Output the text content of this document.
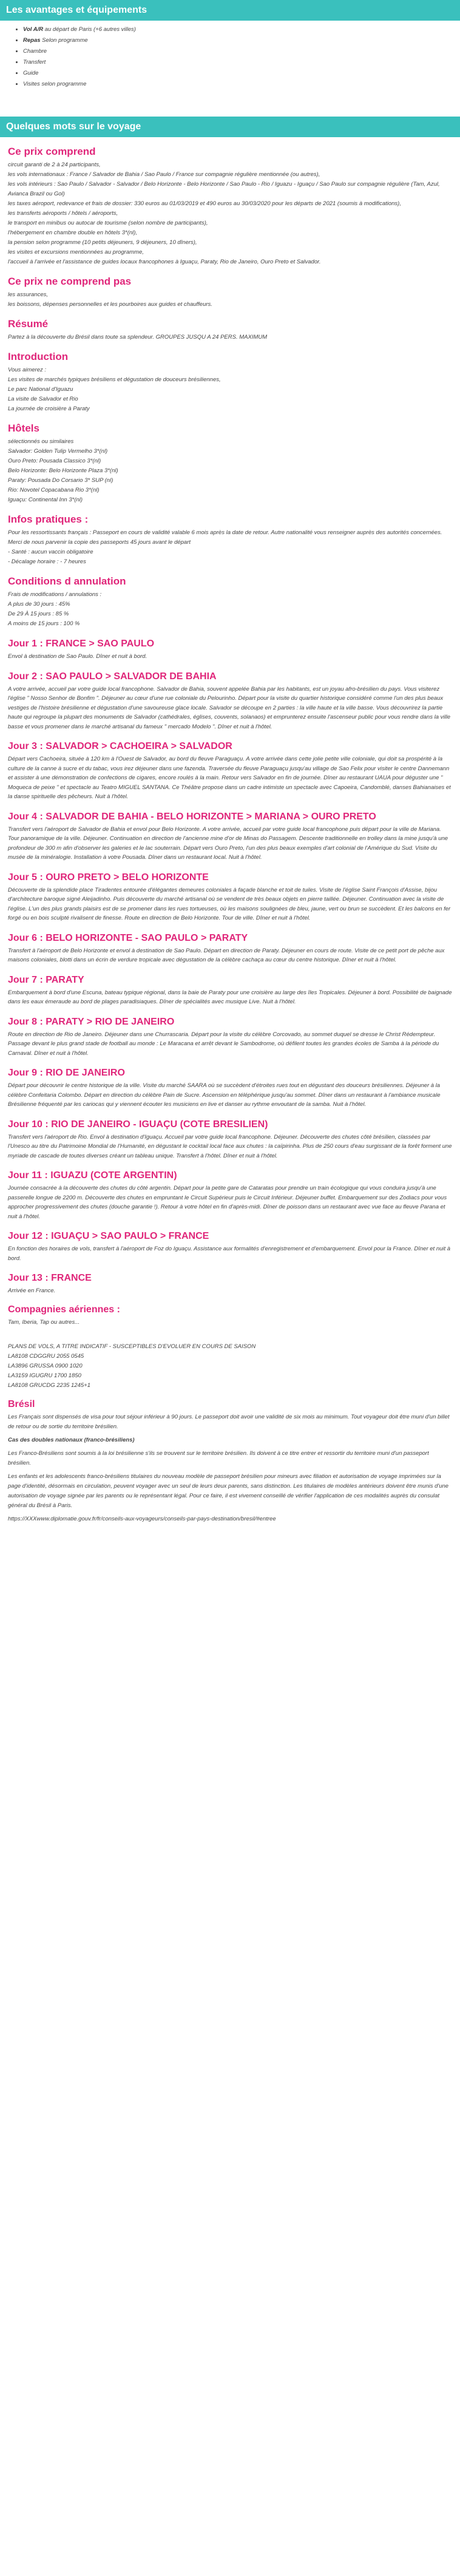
Les avantages et équipements
• Vol A/R au départ de Paris (+6 autres villes)
• Repas Selon programme
• Chambre
• Transfert
• Guide
• Visites selon programme
Quelques mots sur le voyage
Ce prix comprend

circuit garanti de 2 à 24 participants,

les vols internationaux : France / Salvador de Bahia / Sao Paulo / France sur compagnie régulière mentionnée (ou autres),

les vols intérieurs : Sao Paulo / Salvador - Salvador / Belo Horizonte - Belo Horizonte / Sao Paulo - Rio / Iguazu - Iguaçu / Sao Paulo sur compagnie régulière (Tam, Azul, Avianca Brazil ou Gol)

les taxes aéroport, redevance et frais de dossier: 330 euros au 01/03/2019 et 490 euros au 30/03/2020 pour les départs de 2021 (soumis à modifications),

les transferts aéroports / hôtels / aéroports,

le transport en minibus ou autocar de tourisme (selon nombre de participants),

l'hébergement en chambre double en hôtels 3*(nl),

la pension selon programme (10 petits déjeuners, 9 déjeuners, 10 dîners),

les visites et excursions mentionnées au programme,

l'accueil à l'arrivée et l'assistance de guides locaux francophones à Iguaçu, Paraty, Rio de Janeiro, Ouro Preto et Salvador.

Ce prix ne comprend pas

les assurances,

les boissons, dépenses personnelles et les pourboires aux guides et chauffeurs.

Résumé

Partez à la découverte du Brésil dans toute sa splendeur. GROUPES JUSQU A 24 PERS. MAXIMUM

Introduction

Vous aimerez :

Les visites de marchés typiques brésiliens et dégustation de douceurs brésiliennes,

Le parc National d'Iguazu

La visite de Salvador et Rio

La journée de croisière à Paraty

Hôtels

sélectionnés ou similaires

Salvador: Golden Tulip Vermelho 3*(nl)

Ouro Preto: Pousada Classico 3*(nl)

Belo Horizonte: Belo Horizonte Plaza 3*(nl)

Paraty: Pousada Do Corsario 3* SUP (nl)

Rio: Novotel Copacabana Rio 3*(nl)

Iguaçu: Continental Inn 3*(nl)

Infos pratiques :

Pour les ressortissants français : Passeport en cours de validité valable 6 mois après la date de retour. Autre nationalité vous renseigner auprès des autorités concernées. Merci de nous parvenir la copie des passeports 45 jours avant le départ

- Santé : aucun vaccin obligatoire

- Décalage horaire : - 7 heures

Conditions d annulation

Frais de modifications / annulations :

A plus de 30 jours : 45%

De 29 À 15 jours : 85 %

A moins de 15 jours : 100 %

Jour 1 : FRANCE > SAO PAULO

Envol à destination de Sao Paulo. Dîner et nuit à bord.

Jour 2 : SAO PAULO > SALVADOR DE BAHIA

A votre arrivée, accueil par votre guide local francophone. Salvador de Bahia, souvent appelée Bahia par les habitants, est un joyau afro-brésilien du pays. Vous visiterez l'église " Nosso Senhor de Bonfim ". Déjeuner au cœur d'une rue coloniale du Pelourinho. Départ pour la visite du quartier historique considéré comme l'un des plus beaux vestiges de l'histoire brésilienne et dégustation d'une savoureuse glace locale. Salvador se découpe en 2 parties : la ville haute et la ville basse. Vous découvrirez la partie haute qui regroupe la plupart des monuments de Salvador (cathédrales, églises, couvents, solanaos) et emprunterez ensuite l'ascenseur public pour vous rendre dans la ville basse et vous promener dans le marché artisanal du fameux " mercado Modelo ". Dîner et nuit à l'hôtel.

Jour 3 : SALVADOR > CACHOEIRA > SALVADOR

Départ vers Cachoeira, située à 120 km à l'Ouest de Salvador, au bord du fleuve Paraguaçu. A votre arrivée dans cette jolie petite ville coloniale, qui doit sa prospérité à la culture de la canne à sucre et du tabac, vous irez déjeuner dans une fazenda. Traversée du fleuve Paraguaçu jusqu'au village de Sao Felix pour visiter le centre Dannemann et assister à une démonstration de confections de cigares, encore roulés à la main. Retour vers Salvador en fin de journée. Dîner au restaurant UAUA pour déguster une " Moqueca de peixe " et spectacle au Teatro MIGUEL SANTANA. Ce Théâtre propose dans un cadre intimiste un spectacle avec Capoeira, Candomblé, danses Bahianaises et la danse spirituelle des pêcheurs. Nuit à l'hôtel.

Jour 4 : SALVADOR DE BAHIA - BELO HORIZONTE > MARIANA > OURO PRETO

Transfert vers l'aéroport de Salvador de Bahia et envol pour Belo Horizonte. A votre arrivée, accueil par votre guide local francophone puis départ pour la ville de Mariana. Tour panoramique de la ville. Déjeuner. Continuation en direction de l'ancienne mine d'or de Minas do Passagem. Descente traditionnelle en trolley dans la mine jusqu'à une profondeur de 300 m afin d'observer les galeries et le lac souterrain. Départ vers Ouro Preto, l'un des plus beaux exemples d'art colonial de l'Amérique du Sud. Visite du musée de la minéralogie. Installation à votre Pousada. Dîner dans un restaurant local. Nuit à l'hôtel.

Jour 5 : OURO PRETO > BELO HORIZONTE

Découverte de la splendide place Tiradentes entourée d'élégantes demeures coloniales à façade blanche et toit de tuiles. Visite de l'église Saint François d'Assise, bijou d'architecture baroque signé Aleijadinho. Puis découverte du marché artisanal où se vendent de très beaux objets en pierre taillée. Déjeuner. Continuation avec la visite de l'église. L'un des plus grands plaisirs est de se promener dans les rues tortueuses, où les maisons soulignées de bleu, jaune, vert ou brun se succèdent. Et les balcons en fer forgé ou en bois sculpté rivalisent de finesse. Route en direction de Belo Horizonte. Tour de ville. Dîner et nuit à l'hôtel.

Jour 6 : BELO HORIZONTE - SAO PAULO > PARATY

Transfert à l'aéroport de Belo Horizonte et envol à destination de Sao Paulo. Départ en direction de Paraty. Déjeuner en cours de route. Visite de ce petit port de pêche aux maisons coloniales, blotti dans un écrin de verdure tropicale avec dégustation de la célèbre cachaça au cœur du centre historique. Dîner et nuit à l'hôtel.

Jour 7 : PARATY

Embarquement à bord d'une Escuna, bateau typique régional, dans la baie de Paraty pour une croisière au large des îles Tropicales. Déjeuner à bord. Possibilité de baignade dans les eaux émeraude au bord de plages paradisiaques. Dîner de spécialités avec musique Live. Nuit à l'hôtel.

Jour 8 : PARATY > RIO DE JANEIRO

Route en direction de Rio de Janeiro. Déjeuner dans une Churrascaria. Départ pour la visite du célèbre Corcovado, au sommet duquel se dresse le Christ Rédempteur. Passage devant le plus grand stade de football au monde : Le Maracana et arrêt devant le Sambodrome, où défilent toutes les grandes écoles de Samba à la période du Carnaval. Dîner et nuit à l'hôtel.

Jour 9 : RIO DE JANEIRO

Départ pour découvrir le centre historique de la ville. Visite du marché SAARA où se succèdent d'étroites rues tout en dégustant des douceurs brésiliennes. Déjeuner à la célèbre Confeitaria Colombo. Départ en direction du célèbre Pain de Sucre. Ascension en téléphérique jusqu'au sommet. Dîner dans un restaurant à l'ambiance musicale Brésilienne fréquenté par les cariocas qui y viennent écouter les musiciens en live et danser au rythme envoutant de la samba. Nuit à l'hôtel.

Jour 10 : RIO DE JANEIRO - IGUAÇU (COTE BRESILIEN)

Transfert vers l'aéroport de Rio. Envol à destination d'Iguaçu. Accueil par votre guide local francophone. Déjeuner. Découverte des chutes côté brésilien, classées par l'Unesco au titre du Patrimoine Mondial de l'Humanité, en dégustant le cocktail local face aux chutes : la caïpirinha. Plus de 250 cours d'eau surgissant de la forêt forment une myriade de cascade de toutes diverses créant un tableau unique. Transfert à l'hôtel. Dîner et nuit à l'hôtel.

Jour 11 : IGUAZU (COTE ARGENTIN)

Journée consacrée à la découverte des chutes du côté argentin. Départ pour la petite gare de Cataratas pour prendre un train écologique qui vous conduira jusqu'à une passerelle longue de 2200 m. Découverte des chutes en empruntant le Circuit Supérieur puis le Circuit Inférieur. Déjeuner buffet. Embarquement sur des Zodiacs pour vous approcher progressivement des chutes (douche garantie !). Retour à votre hôtel en fin d'après-midi. Dîner de poisson dans un restaurant avec vue face au fleuve Parana et nuit à l'hôtel.

Jour 12 : IGUAÇU > SAO PAULO > FRANCE

En fonction des horaires de vols, transfert à l'aéroport de Foz do Iguaçu. Assistance aux formalités d'enregistrement et d'embarquement. Envol pour la France. Dîner et nuit à bord.

Jour 13 : FRANCE

Arrivée en France.

Compagnies aériennes :

Tam, Iberia, Tap ou autres...

PLANS DE VOLS, A TITRE INDICATIF - SUSCEPTIBLES D'EVOLUER EN COURS DE SAISON

LA8108 CDGGRU 2055 0545

LA3896 GRUSSA 0900 1020

LA3159 IGUGRU 1700 1850

LA8108 GRUCDG 2235 1245+1

Brésil

Les Français sont dispensés de visa pour tout séjour inférieur à 90 jours. Le passeport doit avoir une validité de six mois au minimum. Tout voyageur doit être muni d'un billet de retour ou de sortie du territoire brésilien.

Cas des doubles nationaux (franco-brésiliens)

Les Franco-Brésiliens sont soumis à la loi brésilienne s'ils se trouvent sur le territoire brésilien. Ils doivent à ce titre entrer et ressortir du territoire muni d'un passeport brésilien.

Les enfants et les adolescents franco-brésiliens titulaires du nouveau modèle de passeport brésilien pour mineurs avec filiation et autorisation de voyage imprimées sur la page d'identité, désormais en circulation, peuvent voyager avec un seul de leurs deux parents, sans distinction. Les titulaires de modèles antérieurs doivent être munis d'une autorisation de voyage signée par les parents ou le représentant légal. Pour ce faire, il est vivement conseillé de vérifier l'application de ces modalités auprès du consulat général du Brésil à Paris.

https://XXXwww.diplomatie.gouv.fr/fr/conseils-aux-voyageurs/conseils-par-pays-destination/bresil/#entree
